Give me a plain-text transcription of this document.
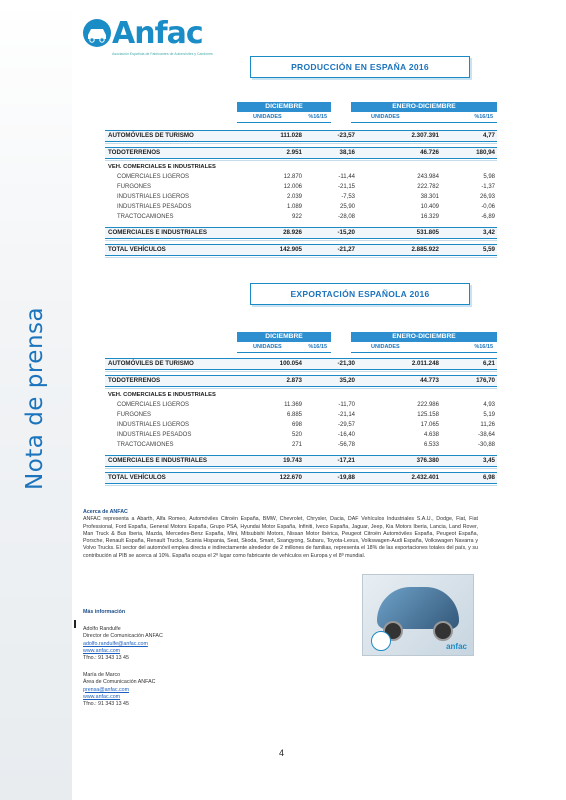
Nota de prensa
Anfac
Asociación Española de Fabricantes de Automóviles y Camiones
PRODUCCIÓN EN ESPAÑA 2016
DICIEMBRE	ENERO-DICIEMBRE
UNIDADES	%16/15	UNIDADES	%16/15
AUTOMÓVILES DE TURISMO	111.028	-23,57	2.307.391	4,77
TODOTERRENOS	2.951	38,16	46.726	180,94
VEH. COMERCIALES E INDUSTRIALES
COMERCIALES LIGEROS	12.870	-11,44	243.984	5,98
FURGONES	12.006	-21,15	222.782	-1,37
INDUSTRIALES LIGEROS	2.039	-7,53	38.301	26,93
INDUSTRIALES PESADOS	1.089	25,90	10.409	-0,06
TRACTOCAMIONES	922	-28,08	16.329	-6,89
COMERCIALES E INDUSTRIALES	28.926	-15,20	531.805	3,42
TOTAL VEHÍCULOS	142.905	-21,27	2.885.922	5,59
EXPORTACIÓN ESPAÑOLA 2016
DICIEMBRE	ENERO-DICIEMBRE
UNIDADES	%16/15	UNIDADES	%16/15
AUTOMÓVILES DE TURISMO	100.054	-21,30	2.011.248	6,21
TODOTERRENOS	2.873	35,20	44.773	176,70
VEH. COMERCIALES E INDUSTRIALES
COMERCIALES LIGEROS	11.369	-11,70	222.986	4,93
FURGONES	6.885	-21,14	125.158	5,19
INDUSTRIALES LIGEROS	698	-29,57	17.065	11,26
INDUSTRIALES PESADOS	520	-16,40	4.638	-38,64
TRACTOCAMIONES	271	-56,78	6.533	-30,88
COMERCIALES E INDUSTRIALES	19.743	-17,21	376.380	3,45
TOTAL VEHÍCULOS	122.670	-19,88	2.432.401	6,98
Acerca de ANFAC
ANFAC representa a Abarth, Alfa Romeo, Automóviles Citroën España, BMW, Chevrolet, Chrysler, Dacia, DAF Vehículos Industriales S.A.U., Dodge, Fiat, Fiat Professional, Ford España, General Motors España, Grupo PSA, Hyundai Motor España, Infiniti, Iveco España, Jaguar, Jeep, Kia Motors Iberia, Lancia, Land Rover, Man Truck & Bus Iberia, Mazda, Mercedes-Benz España, Mini, Mitsubishi Motors, Nissan Motor Ibérica, Peugeot Citroën Automóviles España, Peugeot España, Porsche, Renault España, Renault Trucks, Scania Hispania, Seat, Skoda, Smart, Ssangyong, Subaru, Toyota-Lexus, Volkswagen-Audi España, Volkswagen Navarra y Volvo Trucks. El sector del automóvil emplea directa e indirectamente alrededor de 2 millones de familias, representa el 18% de las exportaciones totales del país, y su contribución al PIB se acerca al 10%. España ocupa el 2º lugar como fabricante de vehículos en Europa y el 8º mundial.
Más información
Adolfo Randulfe
Director de Comunicación ANFAC
adolfo.randulfe@anfac.com
www.anfac.com
Tfno.: 91 343 13 45
María de Marco
Área de Comunicación ANFAC
prensa@anfac.com
www.anfac.com
Tfno.: 91 343 13 45
anfac
4
